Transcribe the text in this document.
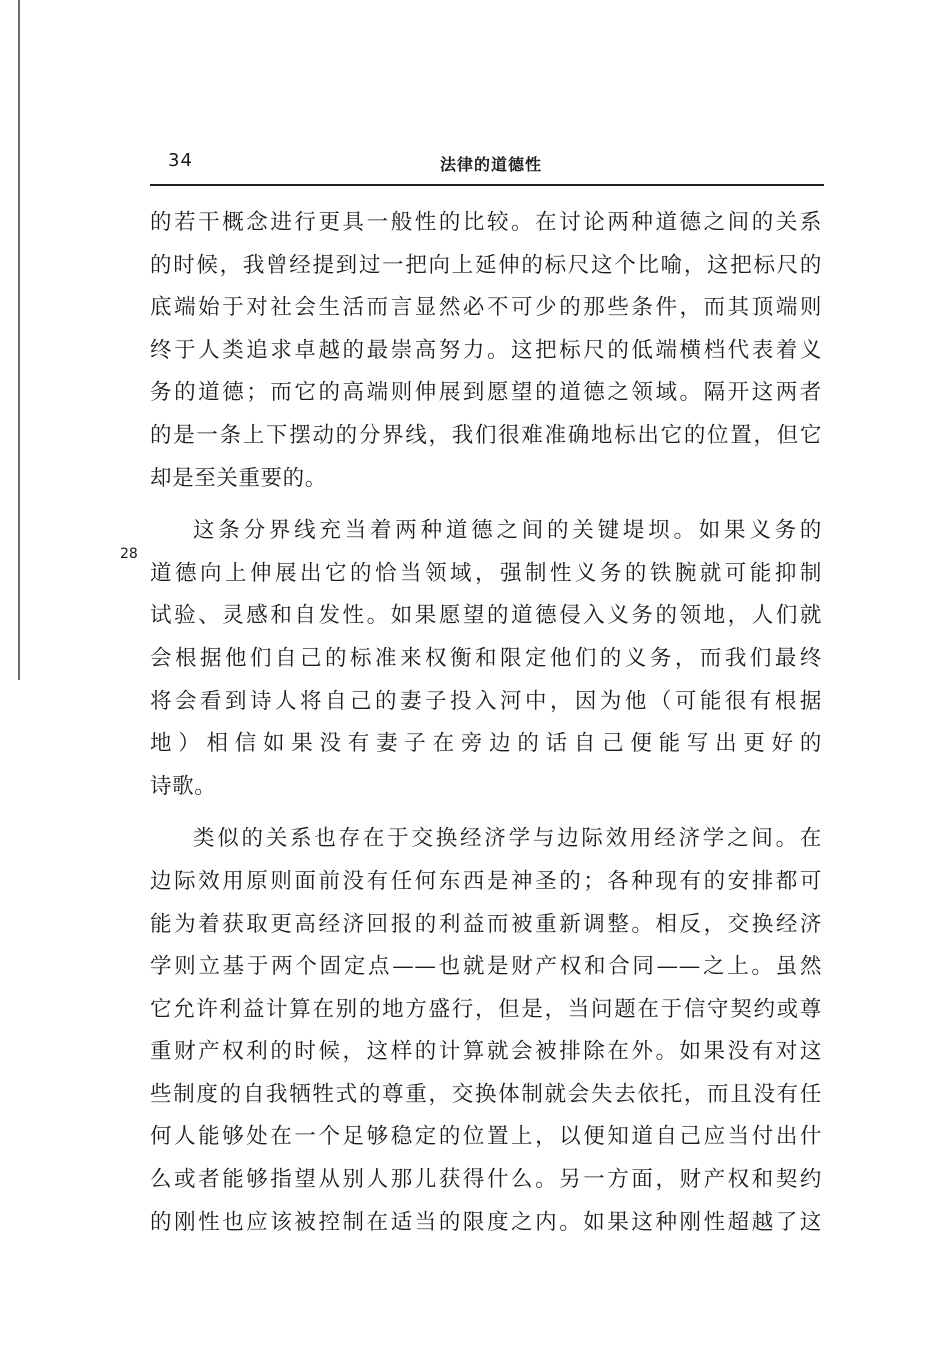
34	法律的道德性
28
的若干概念进行更具一般性的比较。在讨论两种道德之间的关系
的时候，我曾经提到过一把向上延伸的标尺这个比喻，这把标尺的
底端始于对社会生活而言显然必不可少的那些条件，而其顶端则
终于人类追求卓越的最崇高努力。这把标尺的低端横档代表着义
务的道德；而它的高端则伸展到愿望的道德之领域。隔开这两者
的是一条上下摆动的分界线，我们很难准确地标出它的位置，但它
却是至关重要的。
这条分界线充当着两种道德之间的关键堤坝。如果义务的
道德向上伸展出它的恰当领域，强制性义务的铁腕就可能抑制
试验、灵感和自发性。如果愿望的道德侵入义务的领地，人们就
会根据他们自己的标准来权衡和限定他们的义务，而我们最终
将会看到诗人将自己的妻子投入河中，因为他（可能很有根据
地）相信如果没有妻子在旁边的话自己便能写出更好的
诗歌。
类似的关系也存在于交换经济学与边际效用经济学之间。在
边际效用原则面前没有任何东西是神圣的；各种现有的安排都可
能为着获取更高经济回报的利益而被重新调整。相反，交换经济
学则立基于两个固定点——也就是财产权和合同——之上。虽然
它允许利益计算在别的地方盛行，但是，当问题在于信守契约或尊
重财产权利的时候，这样的计算就会被排除在外。如果没有对这
些制度的自我牺牲式的尊重，交换体制就会失去依托，而且没有任
何人能够处在一个足够稳定的位置上，以便知道自己应当付出什
么或者能够指望从别人那儿获得什么。另一方面，财产权和契约
的刚性也应该被控制在适当的限度之内。如果这种刚性超越了这
